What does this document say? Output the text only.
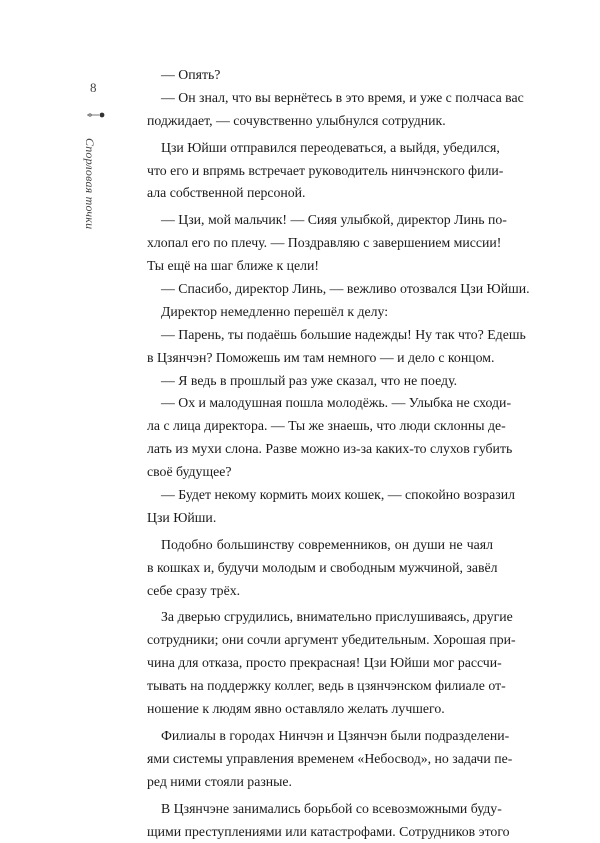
8
Спорловая точки
— Опять?
— Он знал, что вы вернётесь в это время, и уже с полчаса вас
поджидает, — сочувственно улыбнулся сотрудник.
Цзи Юйши отправился переодеваться, а выйдя, убедился,
что его и впрямь встречает руководитель нинчэнского фили-
ала собственной персоной.
— Цзи, мой мальчик! — Сияя улыбкой, директор Линь по-
хлопал его по плечу. — Поздравляю с завершением миссии!
Ты ещё на шаг ближе к цели!
— Спасибо, директор Линь, — вежливо отозвался Цзи Юйши.
Директор немедленно перешёл к делу:
— Парень, ты подаёшь большие надежды! Ну так что? Едешь
в Цзянчэн? Поможешь им там немного — и дело с концом.
— Я ведь в прошлый раз уже сказал, что не поеду.
— Ох и малодушная пошла молодёжь. — Улыбка не сходи-
ла с лица директора. — Ты же знаешь, что люди склонны де-
лать из мухи слона. Разве можно из-за каких-то слухов губить
своё будущее?
— Будет некому кормить моих кошек, — спокойно возразил
Цзи Юйши.
Подобно большинству современников, он души не чаял
в кошках и, будучи молодым и свободным мужчиной, завёл
себе сразу трёх.
За дверью сгрудились, внимательно прислушиваясь, другие
сотрудники; они сочли аргумент убедительным. Хорошая при-
чина для отказа, просто прекрасная! Цзи Юйши мог рассчи-
тывать на поддержку коллег, ведь в цзянчэнском филиале от-
ношение к людям явно оставляло желать лучшего.
Филиалы в городах Нинчэн и Цзянчэн были подразделени-
ями системы управления временем «Небосвод», но задачи пе-
ред ними стояли разные.
В Цзянчэне занимались борьбой со всевозможными буду-
щими преступлениями или катастрофами. Сотрудников этого
